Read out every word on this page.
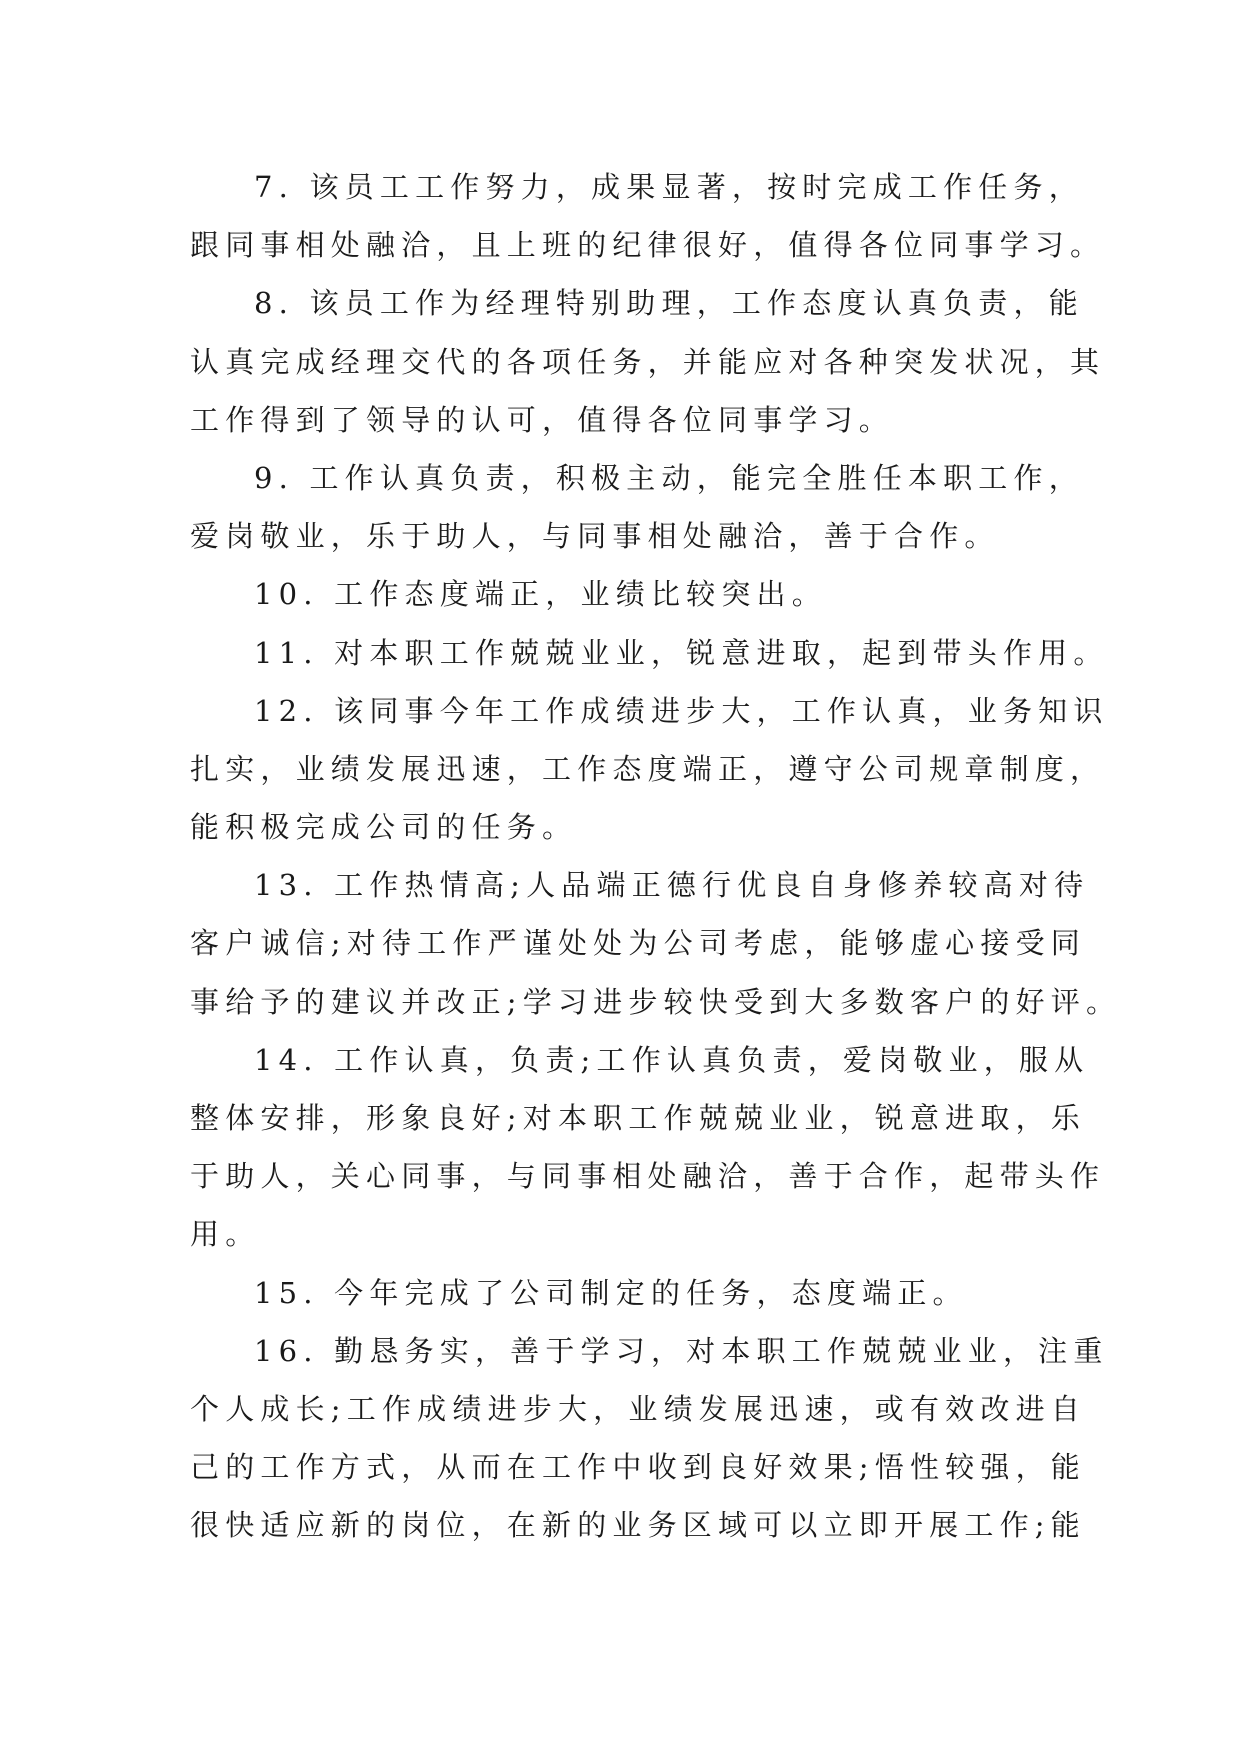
7. 该员工工作努力，成果显著，按时完成工作任务，
跟同事相处融洽，且上班的纪律很好，值得各位同事学习。
8. 该员工作为经理特别助理，工作态度认真负责，能
认真完成经理交代的各项任务，并能应对各种突发状况，其
工作得到了领导的认可，值得各位同事学习。
9. 工作认真负责，积极主动，能完全胜任本职工作，
爱岗敬业，乐于助人，与同事相处融洽，善于合作。
10. 工作态度端正，业绩比较突出。
11. 对本职工作兢兢业业，锐意进取，起到带头作用。
12. 该同事今年工作成绩进步大，工作认真，业务知识
扎实，业绩发展迅速，工作态度端正，遵守公司规章制度，
能积极完成公司的任务。
13. 工作热情高;人品端正德行优良自身修养较高对待
客户诚信;对待工作严谨处处为公司考虑，能够虚心接受同
事给予的建议并改正;学习进步较快受到大多数客户的好评。
14. 工作认真，负责;工作认真负责，爱岗敬业，服从
整体安排，形象良好;对本职工作兢兢业业，锐意进取，乐
于助人，关心同事，与同事相处融洽，善于合作，起带头作
用。
15. 今年完成了公司制定的任务，态度端正。
16. 勤恳务实，善于学习，对本职工作兢兢业业，注重
个人成长;工作成绩进步大，业绩发展迅速，或有效改进自
己的工作方式，从而在工作中收到良好效果;悟性较强，能
很快适应新的岗位，在新的业务区域可以立即开展工作;能
